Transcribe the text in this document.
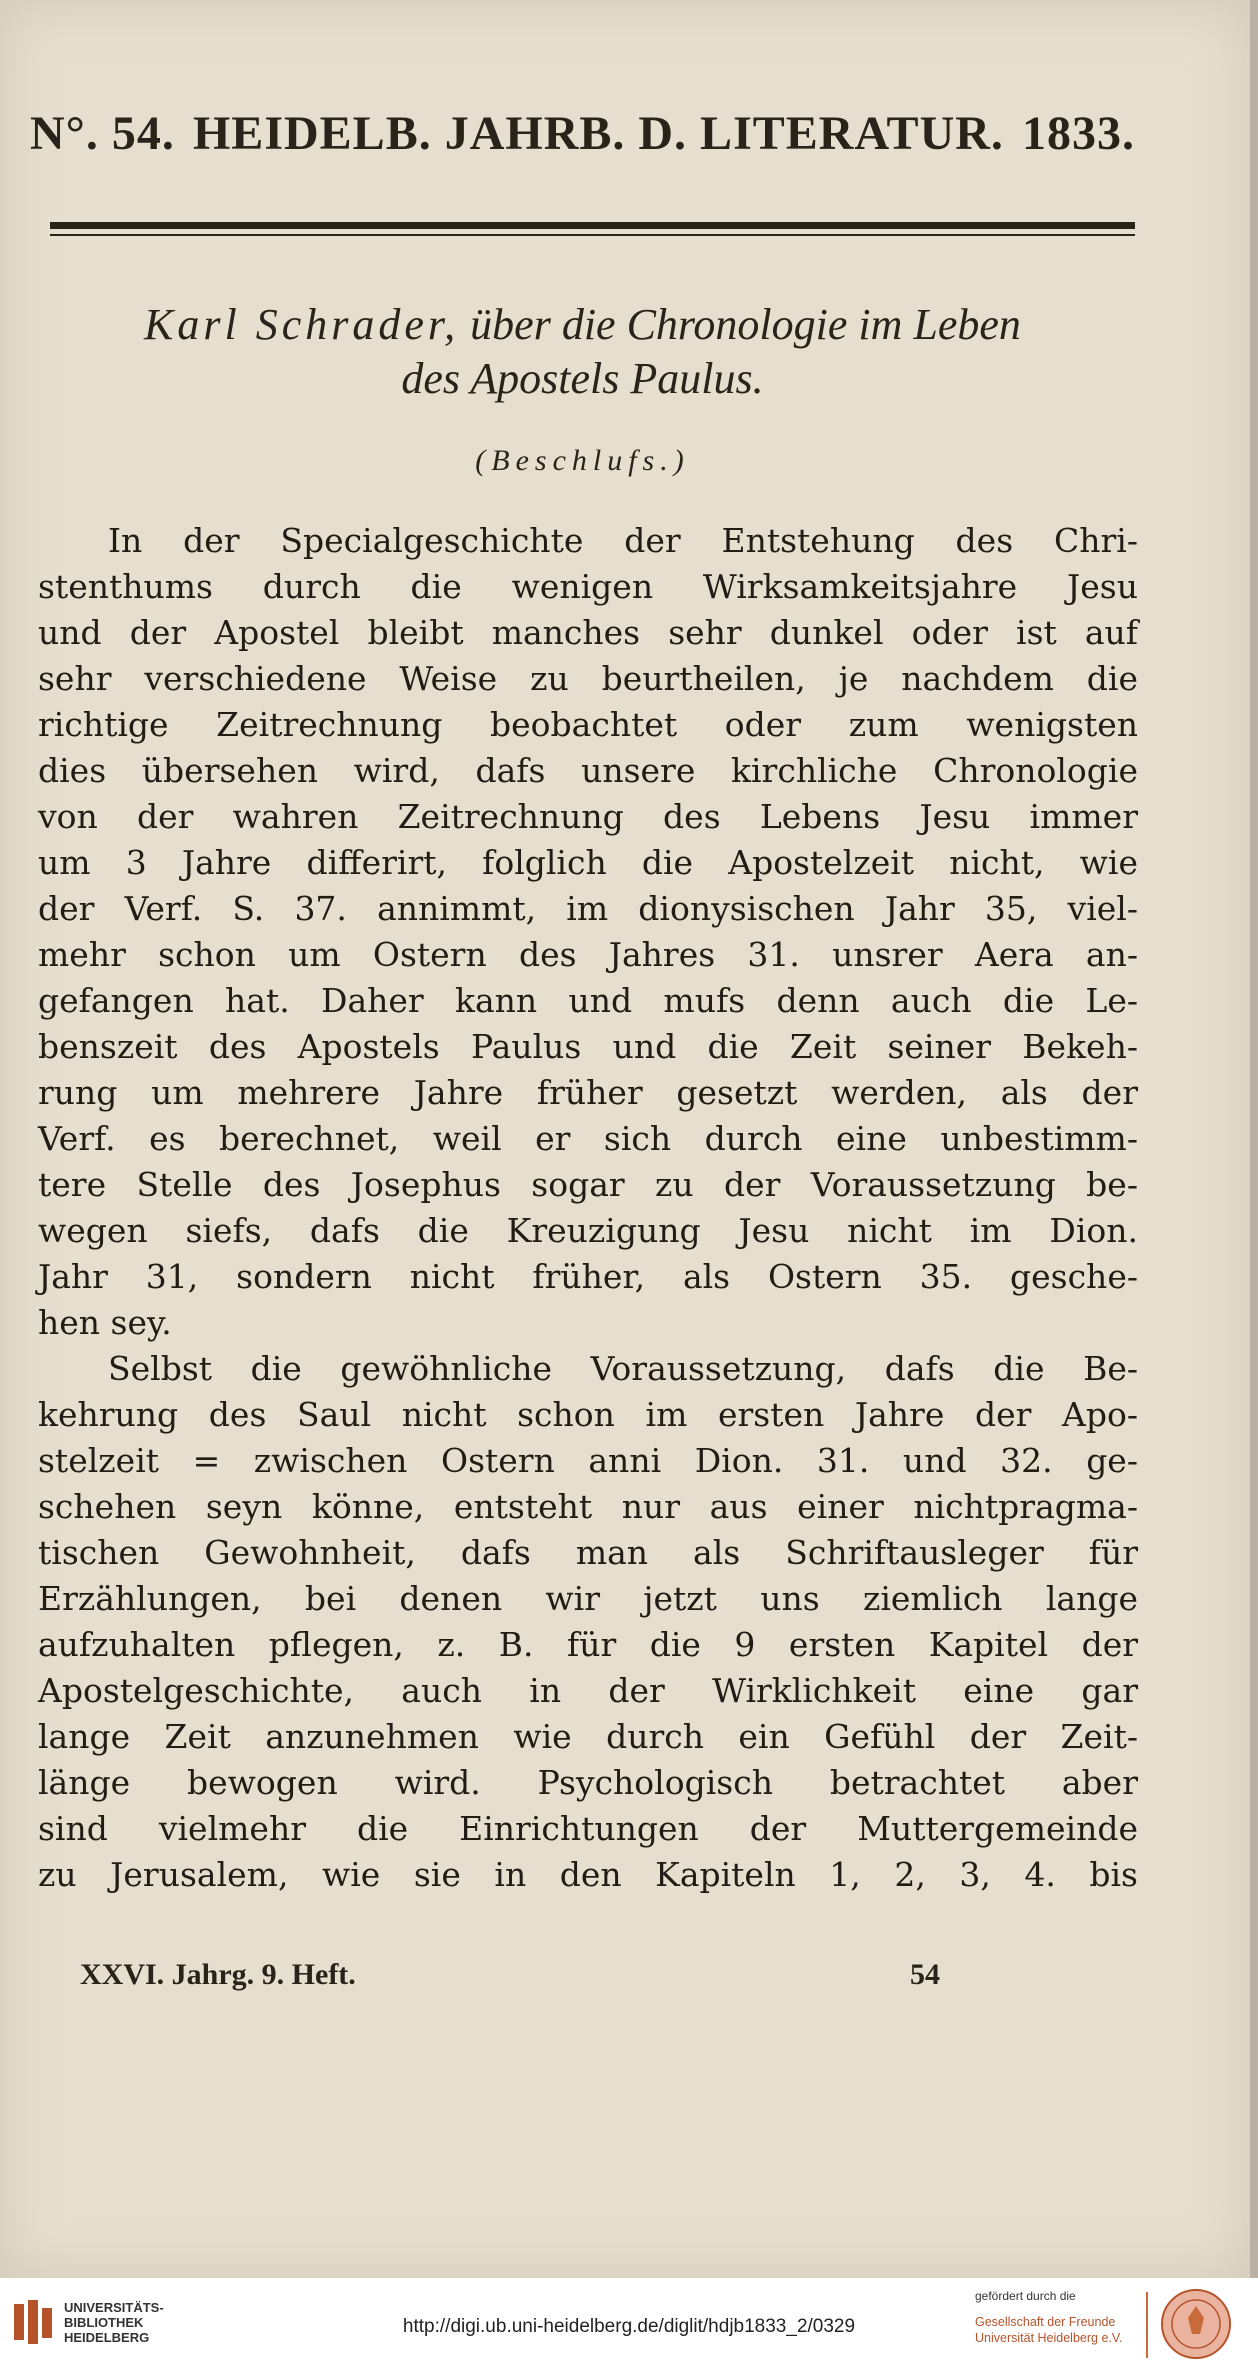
N°. 54. HEIDELB. JAHRB. D. LITERATUR. 1833.
Karl Schrader, über die Chronologie im Leben
des Apostels Paulus.
(Beschlufs.)
In der Specialgeschichte der Entstehung des Chri-
stenthums durch die wenigen Wirksamkeitsjahre Jesu
und der Apostel bleibt manches sehr dunkel oder ist auf
sehr verschiedene Weise zu beurtheilen, je nachdem die
richtige Zeitrechnung beobachtet oder zum wenigsten
dies übersehen wird, dafs unsere kirchliche Chronologie
von der wahren Zeitrechnung des Lebens Jesu immer
um 3 Jahre differirt, folglich die Apostelzeit nicht, wie
der Verf. S. 37. annimmt, im dionysischen Jahr 35, viel-
mehr schon um Ostern des Jahres 31. unsrer Aera an-
gefangen hat. Daher kann und mufs denn auch die Le-
benszeit des Apostels Paulus und die Zeit seiner Bekeh-
rung um mehrere Jahre früher gesetzt werden, als der
Verf. es berechnet, weil er sich durch eine unbestimm-
tere Stelle des Josephus sogar zu der Voraussetzung be-
wegen siefs, dafs die Kreuzigung Jesu nicht im Dion.
Jahr 31, sondern nicht früher, als Ostern 35. gesche-
hen sey.
Selbst die gewöhnliche Voraussetzung, dafs die Be-
kehrung des Saul nicht schon im ersten Jahre der Apo-
stelzeit = zwischen Ostern anni Dion. 31. und 32. ge-
schehen seyn könne, entsteht nur aus einer nichtpragma-
tischen Gewohnheit, dafs man als Schriftausleger für
Erzählungen, bei denen wir jetzt uns ziemlich lange
aufzuhalten pflegen, z. B. für die 9 ersten Kapitel der
Apostelgeschichte, auch in der Wirklichkeit eine gar
lange Zeit anzunehmen wie durch ein Gefühl der Zeit-
länge bewogen wird. Psychologisch betrachtet aber
sind vielmehr die Einrichtungen der Muttergemeinde
zu Jerusalem, wie sie in den Kapiteln 1, 2, 3, 4. bis
XXVI. Jahrg. 9. Heft.	54
UNIVERSITÄTS-
BIBLIOTHEK
HEIDELBERG	http://digi.ub.uni-heidelberg.de/diglit/hdjb1833_2/0329
gefördert durch die
Gesellschaft der Freunde
Universität Heidelberg e.V.
